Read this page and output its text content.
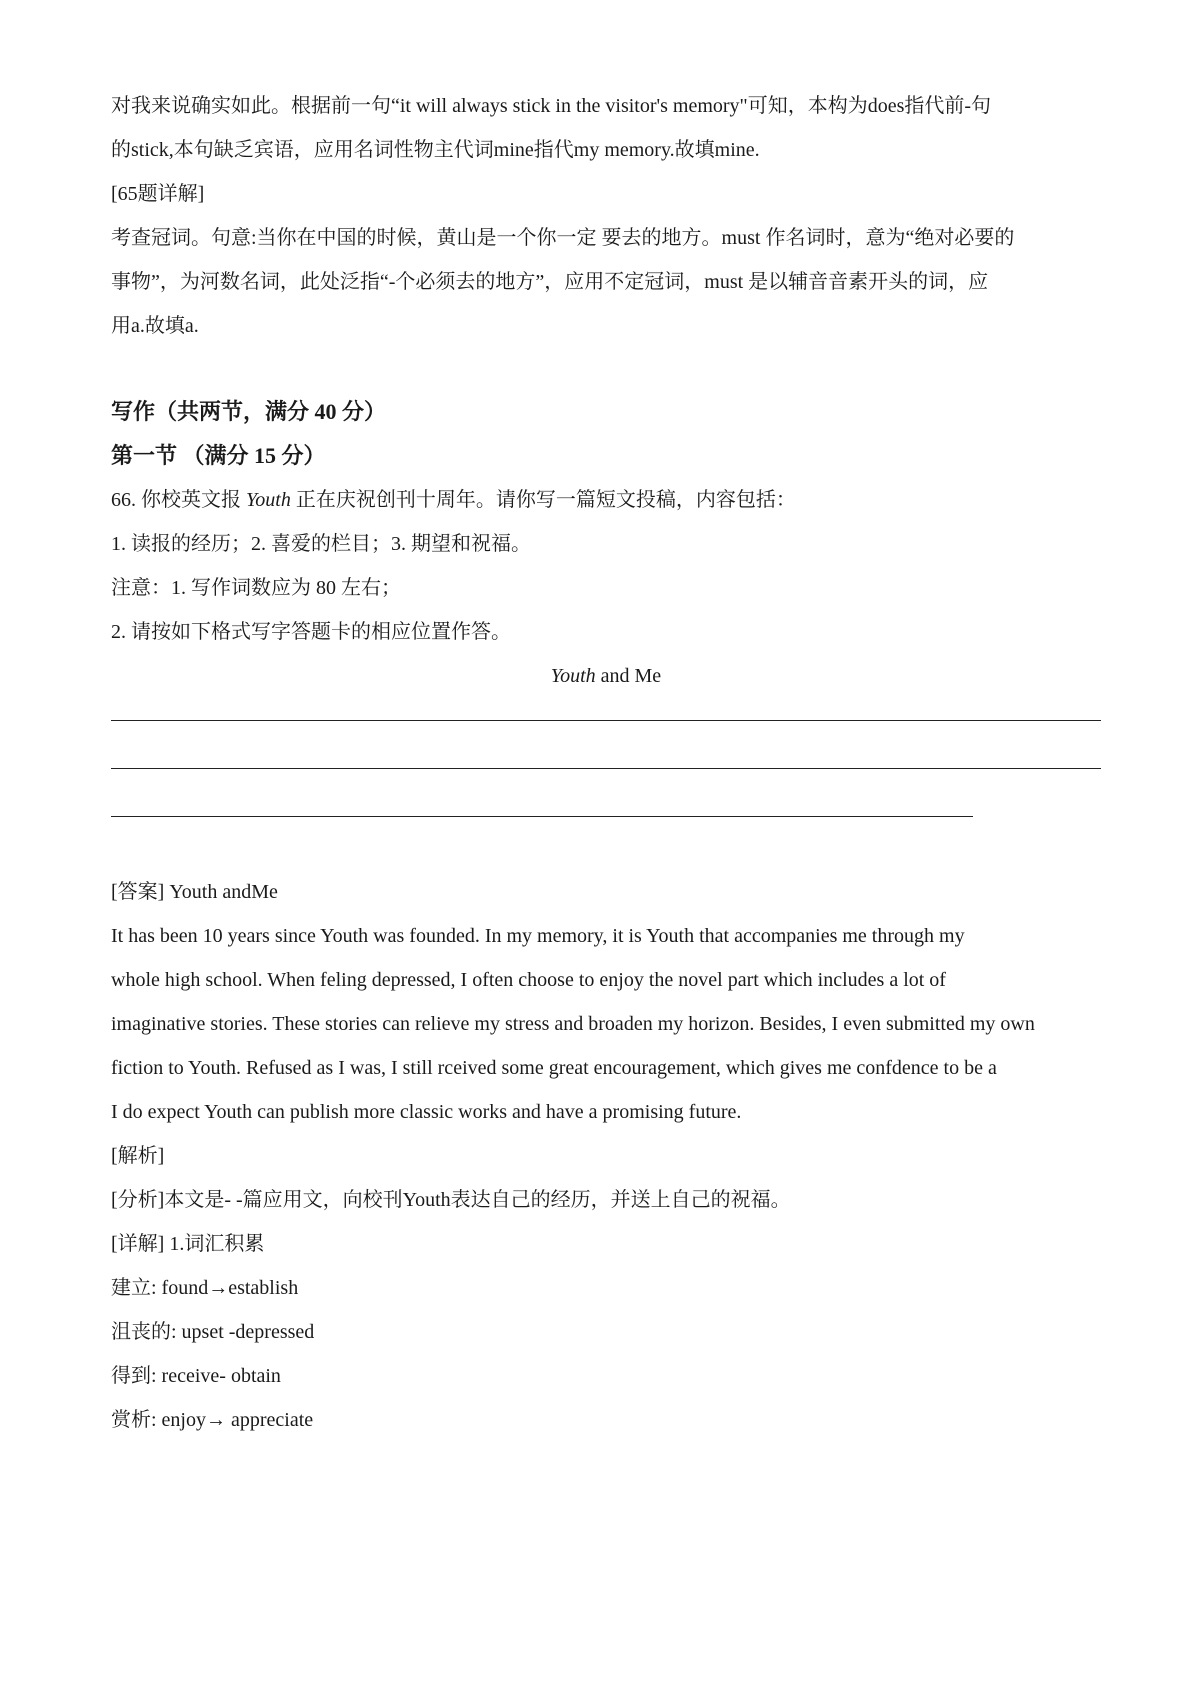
对我来说确实如此。根据前一句“it will always stick in the visitor's memory"可知，本构为does指代前-句
的stick,本句缺乏宾语，应用名词性物主代词mine指代my memory.故填mine.
[65题详解]
考查冠词。句意:当你在中国的时候，黄山是一个你一定 要去的地方。must 作名词时，意为“绝对必要的
事物”，为河数名词，此处泛指“-个必须去的地方”，应用不定冠词，must 是以辅音音素开头的词，应
用a.故填a.
写作（共两节，满分 40 分）
第一节 （满分 15 分）
66. 你校英文报 Youth 正在庆祝创刊十周年。请你写一篇短文投稿，内容包括：
1. 读报的经历；2. 喜爱的栏目；3. 期望和祝福。
注意：1. 写作词数应为 80 左右；
2. 请按如下格式写字答题卡的相应位置作答。
Youth and Me
[答案] Youth andMe
It has been 10 years since Youth was founded. In my memory, it is Youth that accompanies me through my
whole high school. When feling depressed, I often choose to enjoy the novel part which includes a lot of
imaginative stories. These stories can relieve my stress and broaden my horizon. Besides, I even submitted my own
fiction to Youth. Refused as I was, I still rceived some great encouragement, which gives me confdence to be a
I do expect Youth can publish more classic works and have a promising future.
[解析]
[分析]本文是- -篇应用文，向校刊Youth表达自己的经历，并送上自己的祝福。
[详解] 1.词汇积累
建立: found→establish
沮丧的: upset -depressed
得到: receive- obtain
赏析: enjoy→ appreciate
